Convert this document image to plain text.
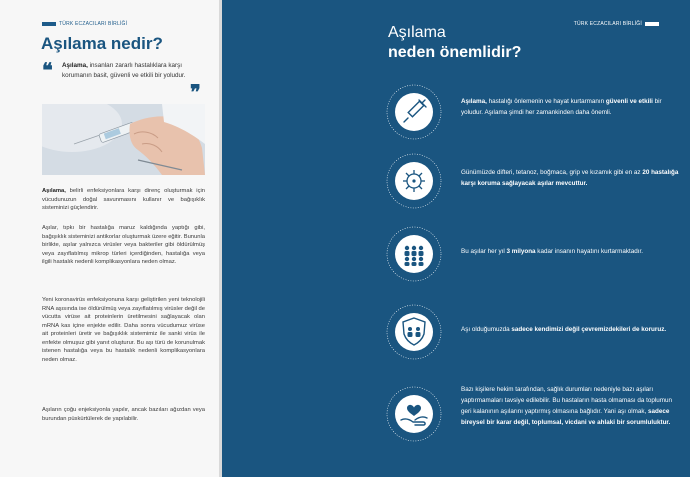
TÜRK ECZACILARI BİRLİĞİ
Aşılama nedir?
❝
❞
Aşılama, insanları zararlı hastalıklara karşı korumanın basit, güvenli ve etkili bir yoludur.
Aşılama, belirli enfeksiyonlara karşı direnç oluşturmak için vücudunuzun doğal savunmasını kullanır ve bağışıklık sisteminizi güçlendirir.
Aşılar, tıpkı bir hastalığa maruz kaldığında yaptığı gibi, bağışıklık sisteminizi antikorlar oluşturmak üzere eğitir. Bununla birlikte, aşılar yalnızca virüsler veya bakteriler gibi öldürülmüş veya zayıflatılmış mikrop türleri içerdiğinden, hastalığa veya ilgili hastalık nedenli komplikasyonlara neden olmaz.
Yeni koronavirüs enfeksiyonuna karşı geliştirilen yeni teknolojili RNA aşısında ise öldürülmüş veya zayıflatılmış virüsler değil de vücutta virüse ait proteinlerin üretilmesini sağlayacak olan mRNA kas içine enjekte edilir. Daha sonra vücudumuz virüse ait proteinleri üretir ve bağışıklık sistemimiz ile sanki virüs ile enfekte olmuşuz gibi yanıt oluşturur. Bu aşı türü de korunulmak istenen hastalığa veya bu hastalık nedenli komplikasyonlara neden olmaz.
Aşıların çoğu enjeksiyonla yapılır, ancak bazıları ağızdan veya burundan püskürtülerek de yapılabilir.
TÜRK ECZACILARI BİRLİĞİ
Aşılama
neden önemlidir?
Aşılama, hastalığı önlemenin ve hayat kurtarmanın güvenli ve etkili bir yoludur. Aşılama şimdi her zamankinden daha önemli.
Günümüzde difteri, tetanoz, boğmaca, grip ve kızamık gibi en az 20 hastalığa karşı koruma sağlayacak aşılar mevcuttur.
Bu aşılar her yıl 3 milyona kadar insanın hayatını kurtarmaktadır.
Aşı olduğumuzda sadece kendimizi değil çevremizdekileri de koruruz.
Bazı kişilere hekim tarafından, sağlık durumları nedeniyle bazı aşıları yaptırmamaları tavsiye edilebilir. Bu hastaların hasta olmaması da toplumun geri kalanının aşılarını yaptırmış olmasına bağlıdır. Yani aşı olmak, sadece bireysel bir karar değil, toplumsal, vicdani ve ahlaki bir sorumluluktur.
